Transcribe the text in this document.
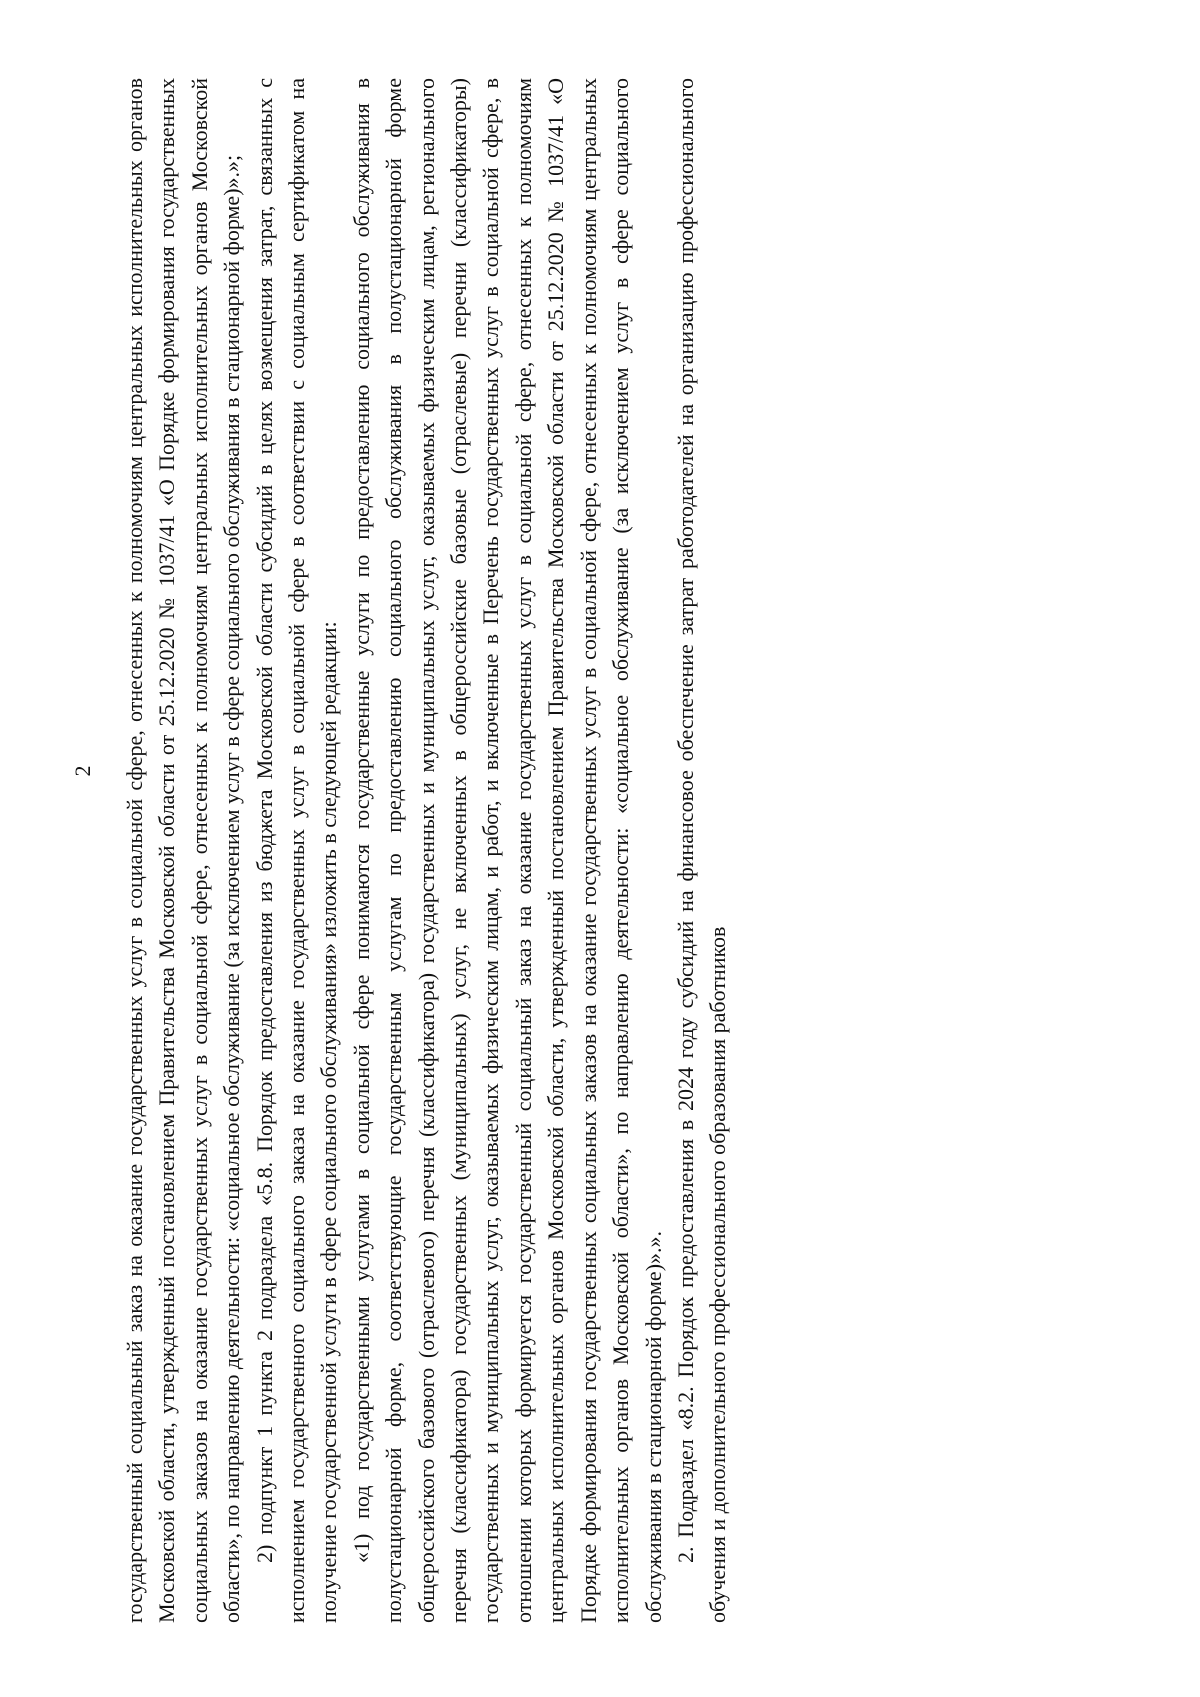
2 государственный социальный заказ на оказание государственных услуг в социальной сфере, отнесенных к полномочиям центральных исполнительных органов Московской области, утвержденный постановлением Правительства Московской области от 25.12.2020 № 1037/41 «О Порядке формирования государственных социальных заказов на оказание государственных услуг в социальной сфере, отнесенных к полномочиям центральных исполнительных органов Московской области», по направлению деятельности: «социальное обслуживание (за исключением услуг в сфере социального обслуживания в стационарной форме)».»; 2) подпункт 1 пункта 2 подраздела «5.8. Порядок предоставления из бюджета Московской области субсидий в целях возмещения затрат, связанных с исполнением государственного социального заказа на оказание государственных услуг в социальной сфере в соответствии с социальным сертификатом на получение государственной услуги в сфере социального обслуживания» изложить в следующей редакции: «1) под государственными услугами в социальной сфере понимаются государственные услуги по предоставлению социального обслуживания в полустационарной форме, соответствующие государственным услугам по предоставлению социального обслуживания в полустационарной форме общероссийского базового (отраслевого) перечня (классификатора) государственных и муниципальных услуг, оказываемых физическим лицам, регионального перечня (классификатора) государственных (муниципальных) услуг, не включенных в общероссийские базовые (отраслевые) перечни (классификаторы) государственных и муниципальных услуг, оказываемых физическим лицам, и работ, и включенные в Перечень государственных услуг в социальной сфере, в отношении которых формируется государственный социальный заказ на оказание государственных услуг в социальной сфере, отнесенных к полномочиям центральных исполнительных органов Московской области, утвержденный постановлением Правительства Московской области от 25.12.2020 № 1037/41 «О Порядке формирования государственных социальных заказов на оказание государственных услуг в социальной сфере, отнесенных к полномочиям центральных исполнительных органов Московской области», по направлению деятельности: «социальное обслуживание (за исключением услуг в сфере социального обслуживания в стационарной форме)».». 2. Подраздел «8.2. Порядок предоставления в 2024 году субсидий на финансовое обеспечение затрат работодателей на организацию профессионального обучения и дополнительного профессионального образования работников
